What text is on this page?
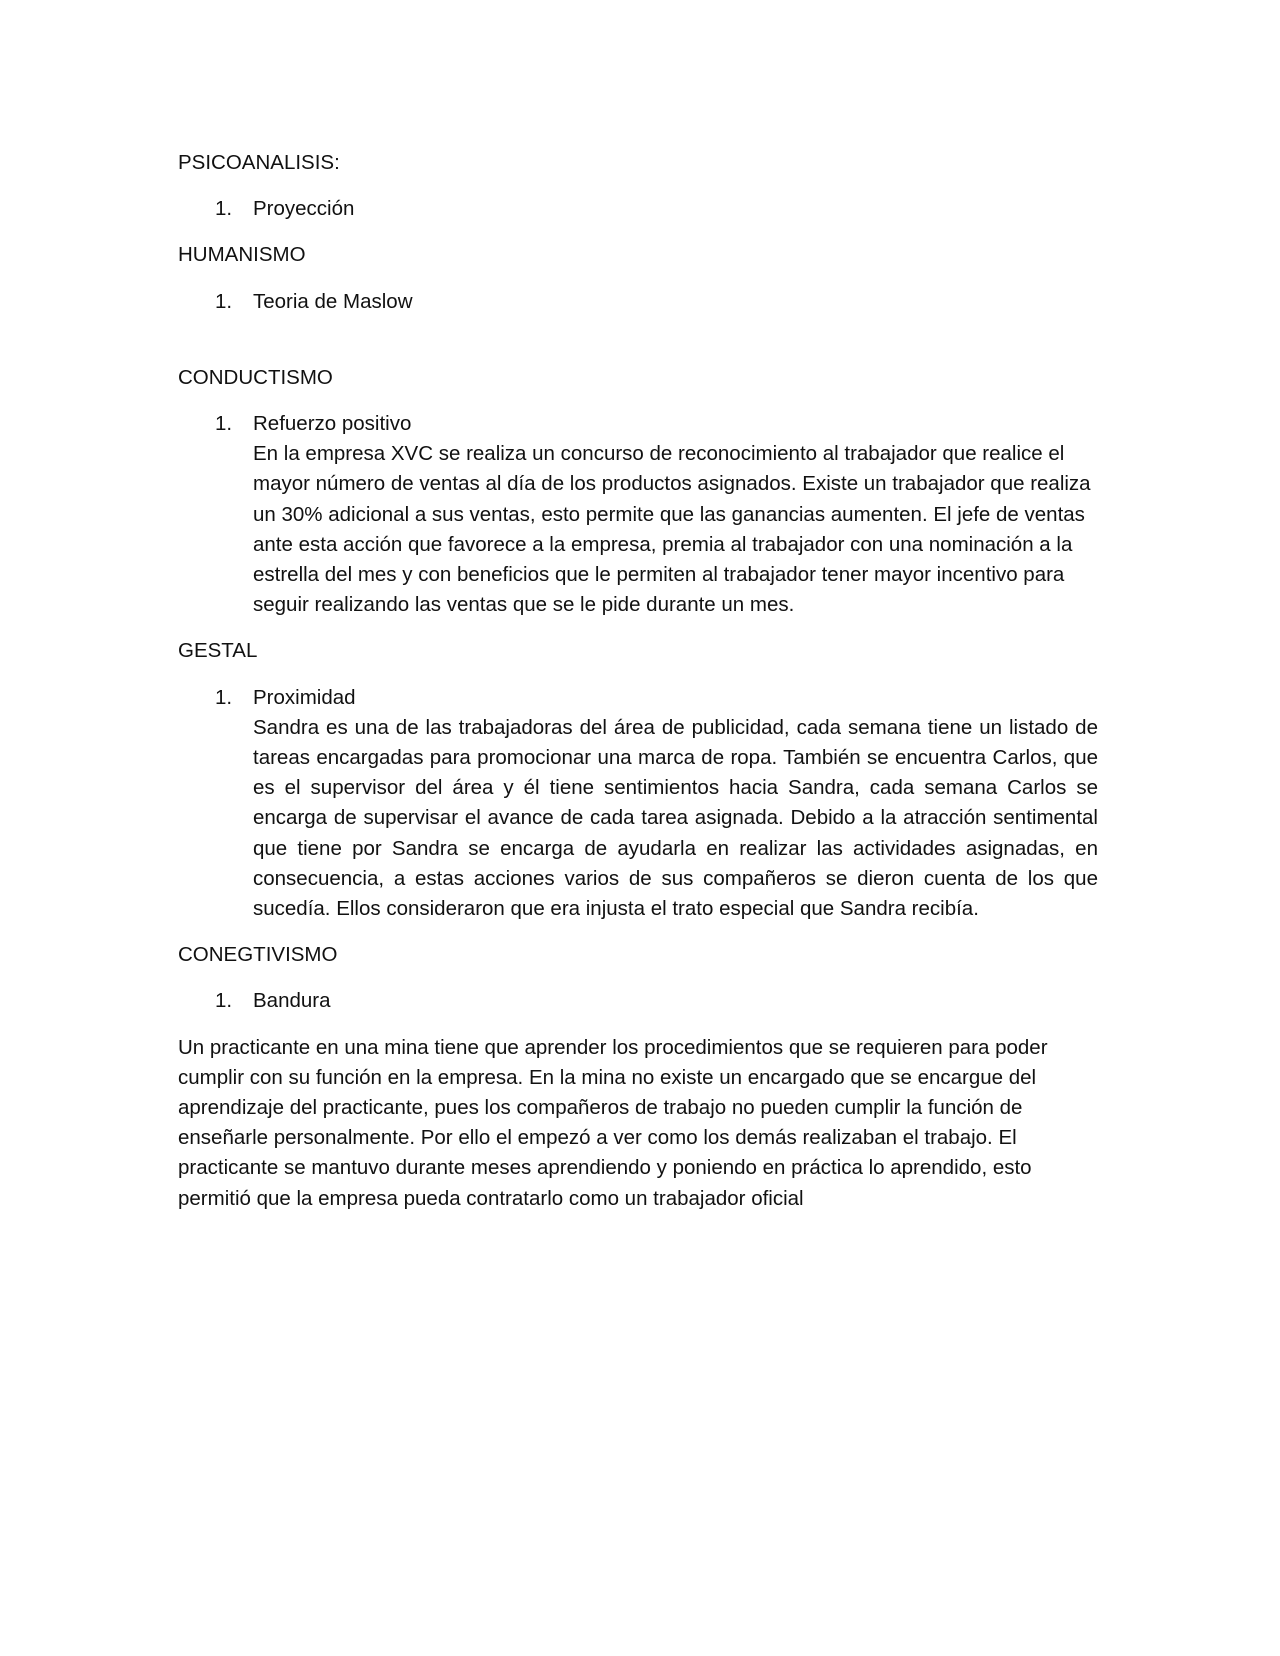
PSICOANALISIS:
1. Proyección
HUMANISMO
1. Teoria de Maslow
CONDUCTISMO
1. Refuerzo positivo

En la empresa XVC se realiza un concurso de reconocimiento al trabajador que realice el mayor número de ventas al día de los productos asignados. Existe un trabajador que realiza un 30% adicional a sus ventas, esto permite que las ganancias aumenten. El jefe de ventas ante esta acción que favorece a la empresa, premia al trabajador con una nominación a la estrella del mes y con beneficios que le permiten al trabajador tener mayor incentivo para seguir realizando las ventas que se le pide durante un mes.

GESTAL
1. Proximidad

Sandra es una de las trabajadoras del área de publicidad, cada semana tiene un listado de tareas encargadas para promocionar una marca de ropa. También se encuentra Carlos, que es el supervisor del área y él tiene sentimientos hacia Sandra, cada semana Carlos se encarga de supervisar el avance de cada tarea asignada. Debido a la atracción sentimental que tiene por Sandra se encarga de ayudarla en realizar las actividades asignadas, en consecuencia, a estas acciones varios de sus compañeros se dieron cuenta de los que sucedía. Ellos consideraron que era injusta el trato especial que Sandra recibía.

CONEGTIVISMO
1. Bandura

Un practicante en una mina tiene que aprender los procedimientos que se requieren para poder cumplir con su función en la empresa. En la mina no existe un encargado que se encargue del aprendizaje del practicante, pues los compañeros de trabajo no pueden cumplir la función de enseñarle personalmente. Por ello el empezó a ver como los demás realizaban el trabajo. El practicante se mantuvo durante meses aprendiendo y poniendo en práctica lo aprendido, esto permitió que la empresa pueda contratarlo como un trabajador oficial
